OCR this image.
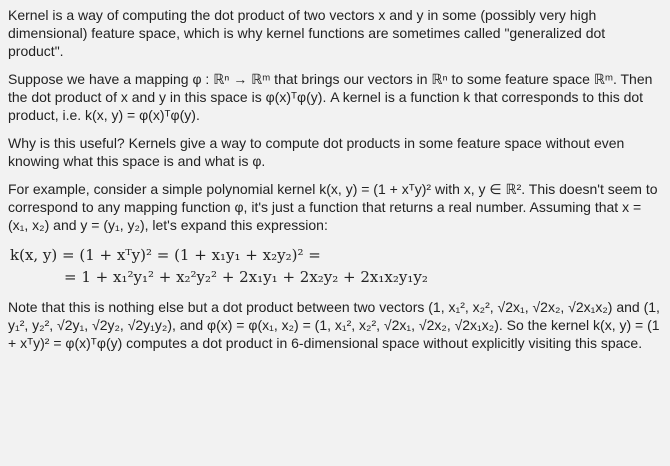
Kernel is a way of computing the dot product of two vectors x and y in some (possibly very high dimensional) feature space, which is why kernel functions are sometimes called "generalized dot product".

Suppose we have a mapping φ : ℝⁿ → ℝᵐ that brings our vectors in ℝⁿ to some feature space ℝᵐ. Then the dot product of x and y in this space is φ(x)ᵀφ(y). A kernel is a function k that corresponds to this dot product, i.e. k(x, y) = φ(x)ᵀφ(y).

Why is this useful? Kernels give a way to compute dot products in some feature space without even knowing what this space is and what is φ.

For example, consider a simple polynomial kernel k(x, y) = (1 + xᵀy)² with x, y ∈ ℝ². This doesn't seem to correspond to any mapping function φ, it's just a function that returns a real number. Assuming that x = (x₁, x₂) and y = (y₁, y₂), let's expand this expression:

k(x, y) = (1 + xᵀy)² = (1 + x₁y₁ + x₂y₂)² =
= 1 + x₁²y₁² + x₂²y₂² + 2x₁y₁ + 2x₂y₂ + 2x₁x₂y₁y₂

Note that this is nothing else but a dot product between two vectors (1, x₁², x₂², √2x₁, √2x₂, √2x₁x₂) and (1, y₁², y₂², √2y₁, √2y₂, √2y₁y₂), and φ(x) = φ(x₁, x₂) = (1, x₁², x₂², √2x₁, √2x₂, √2x₁x₂). So the kernel k(x, y) = (1 + xᵀy)² = φ(x)ᵀφ(y) computes a dot product in 6-dimensional space without explicitly visiting this space.
